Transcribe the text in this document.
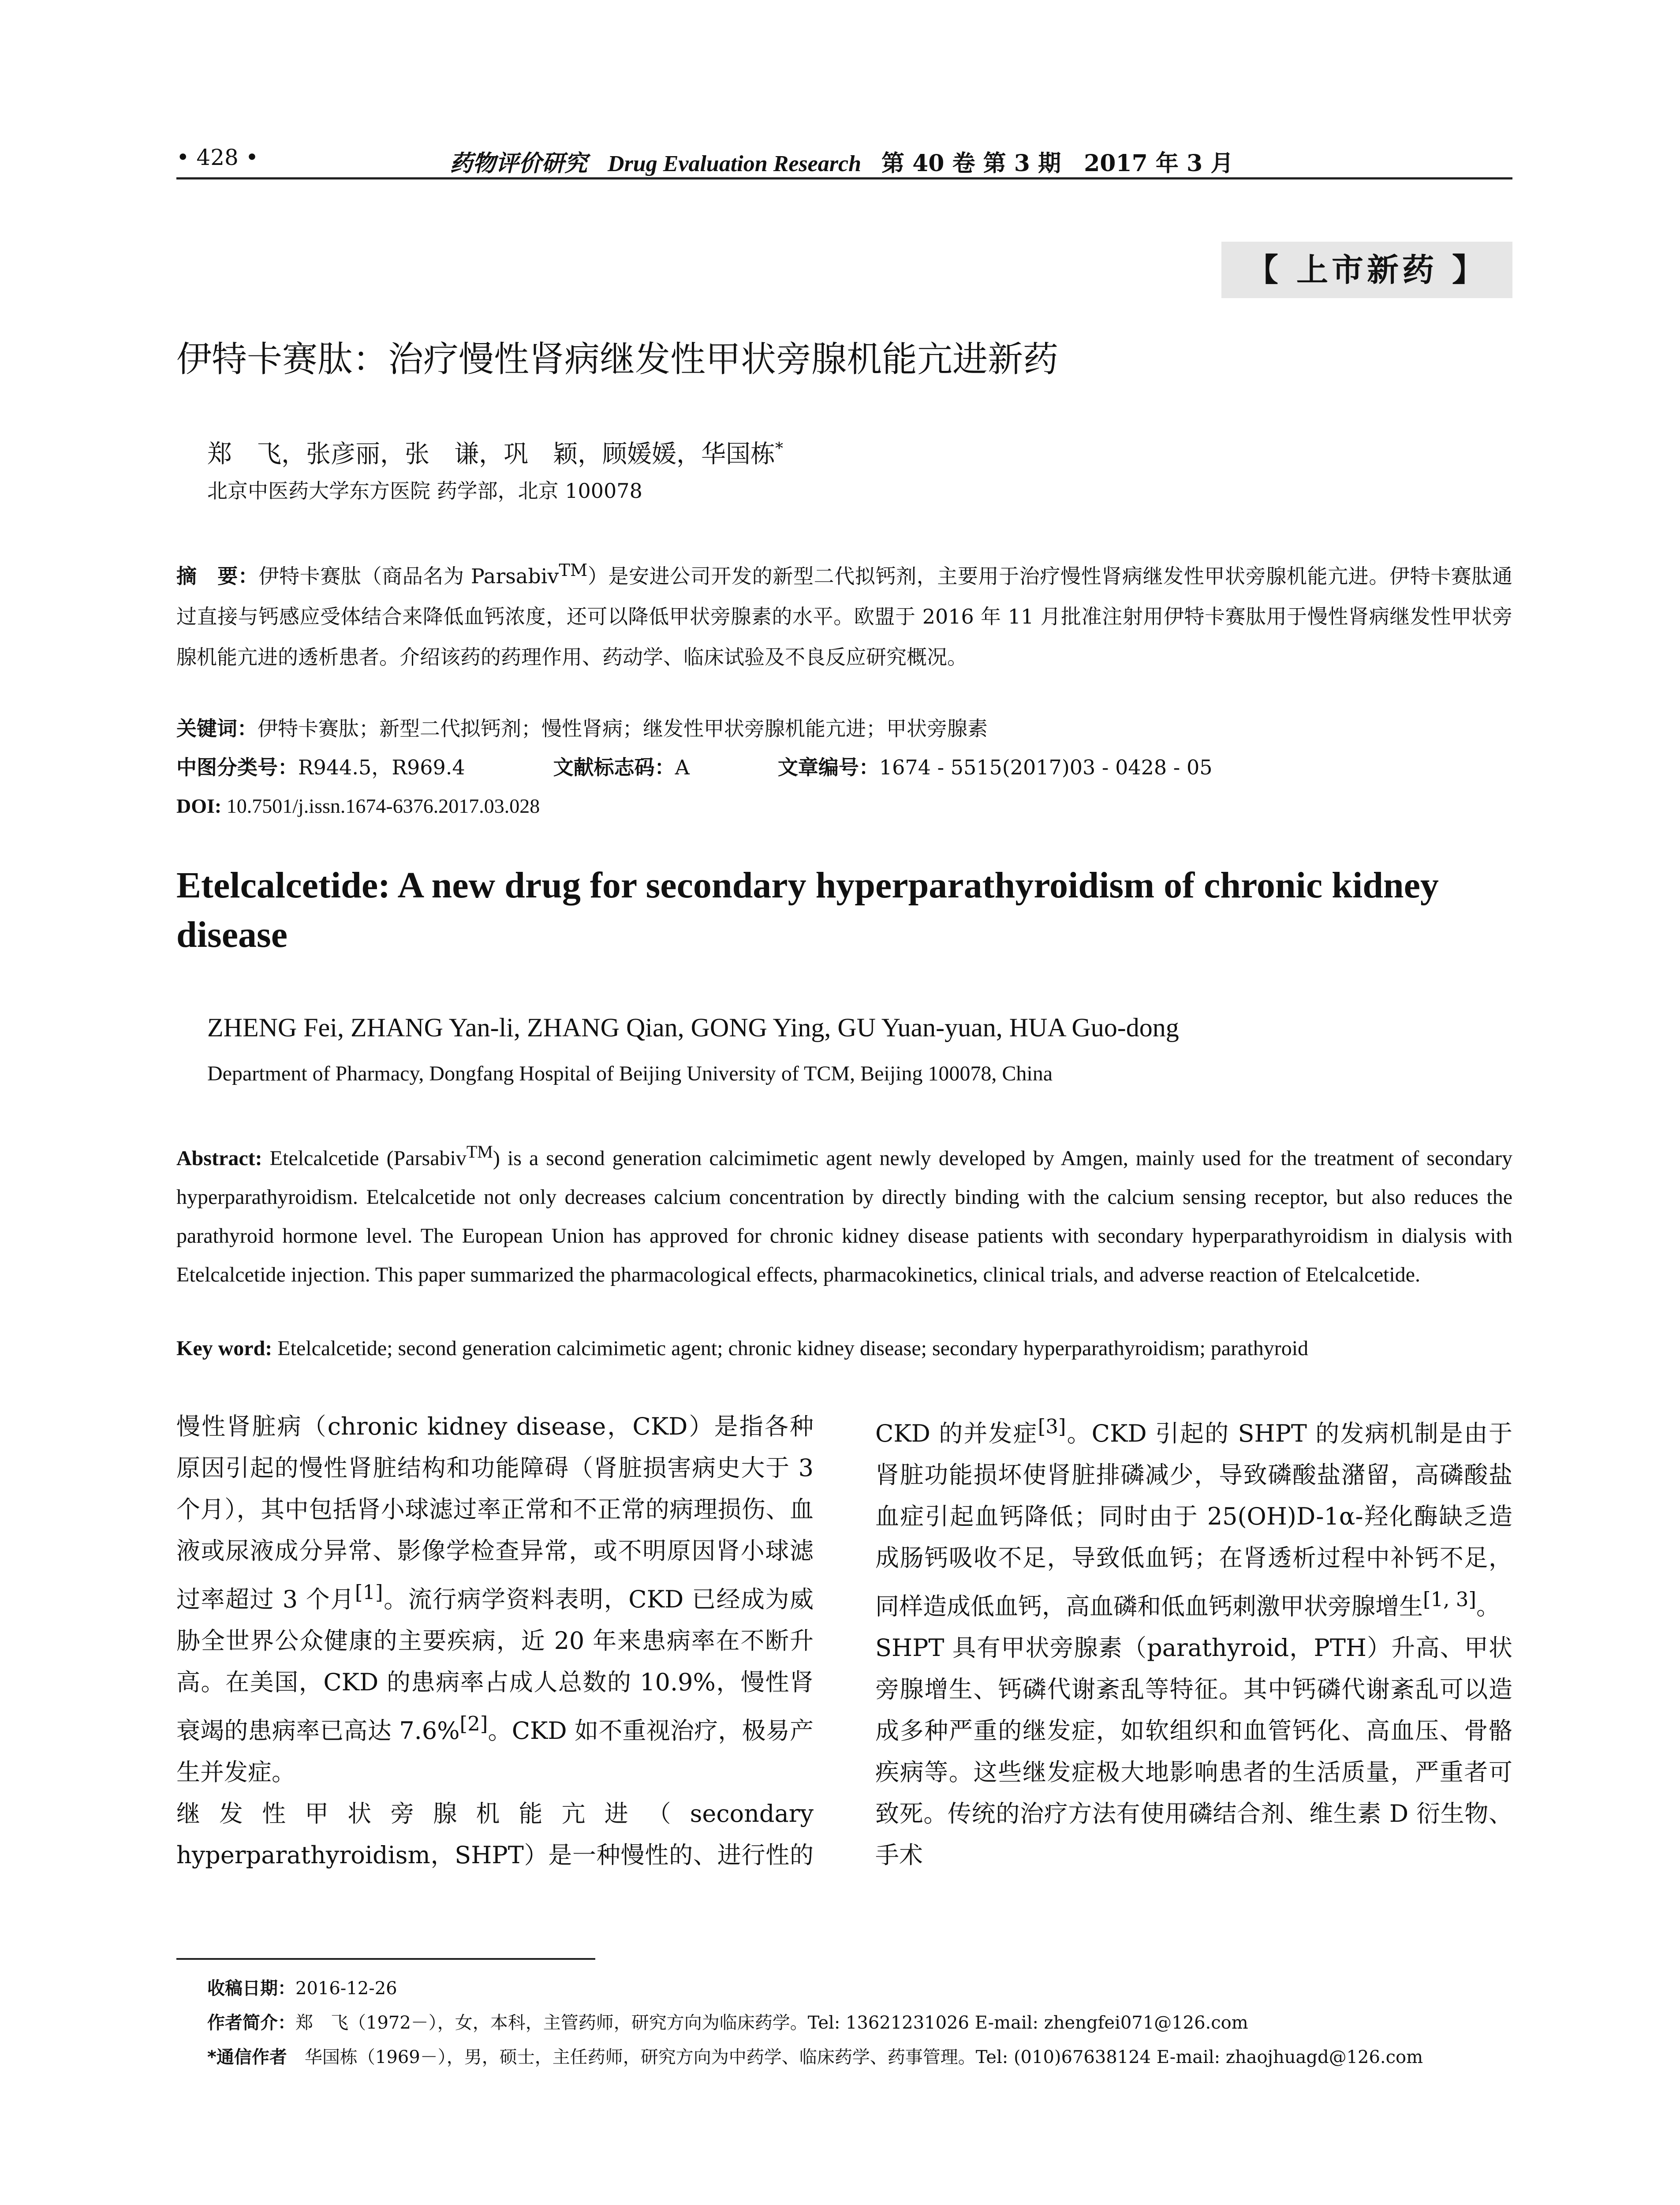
• 428 •	药物评价研究 Drug Evaluation Research 第 40 卷 第 3 期　 2017 年 3 月
【 上市新药 】
伊特卡赛肽：治疗慢性肾病继发性甲状旁腺机能亢进新药
郑　飞，张彦丽，张　谦，巩　颖，顾媛媛，华国栋*
北京中医药大学东方医院 药学部，北京 100078
摘　要：伊特卡赛肽（商品名为 Parsabiv™）是安进公司开发的新型二代拟钙剂，主要用于治疗慢性肾病继发性甲状旁腺机能亢进。伊特卡赛肽通过直接与钙感应受体结合来降低血钙浓度，还可以降低甲状旁腺素的水平。欧盟于 2016 年 11 月批准注射用伊特卡赛肽用于慢性肾病继发性甲状旁腺机能亢进的透析患者。介绍该药的药理作用、药动学、临床试验及不良反应研究概况。
关键词：伊特卡赛肽；新型二代拟钙剂；慢性肾病；继发性甲状旁腺机能亢进；甲状旁腺素
中图分类号：R944.5，R969.4	文献标志码：A	文章编号：1674 - 5515(2017)03 - 0428 - 05
DOI: 10.7501/j.issn.1674-6376.2017.03.028
Etelcalcetide: A new drug for secondary hyperparathyroidism of chronic kidney disease
ZHENG Fei, ZHANG Yan-li, ZHANG Qian, GONG Ying, GU Yuan-yuan, HUA Guo-dong
Department of Pharmacy, Dongfang Hospital of Beijing University of TCM, Beijing 100078, China
Abstract: Etelcalcetide (Parsabiv™) is a second generation calcimimetic agent newly developed by Amgen, mainly used for the treatment of secondary hyperparathyroidism. Etelcalcetide not only decreases calcium concentration by directly binding with the calcium sensing receptor, but also reduces the parathyroid hormone level. The European Union has approved for chronic kidney disease patients with secondary hyperparathyroidism in dialysis with Etelcalcetide injection. This paper summarized the pharmacological effects, pharmacokinetics, clinical trials, and adverse reaction of Etelcalcetide.
Key word: Etelcalcetide; second generation calcimimetic agent; chronic kidney disease; secondary hyperparathyroidism; parathyroid
收稿日期：2016-12-26
作者简介：郑　飞（1972－），女，本科，主管药师，研究方向为临床药学。Tel: 13621231026 E-mail: zhengfei071@126.com
*通信作者　华国栋（1969－），男，硕士，主任药师，研究方向为中药学、临床药学、药事管理。Tel: (010)67638124 E-mail: zhaojhuagd@126.com

慢性肾脏病（chronic kidney disease，CKD）是指各种原因引起的慢性肾脏结构和功能障碍（肾脏损害病史大于 3 个月），其中包括肾小球滤过率正常和不正常的病理损伤、血液或尿液成分异常、影像学检查异常，或不明原因肾小球滤过率超过 3 个月[1]。流行病学资料表明，CKD 已经成为威胁全世界公众健康的主要疾病，近 20 年来患病率在不断升高。在美国，CKD 的患病率占成人总数的 10.9%，慢性肾衰竭的患病率已高达 7.6%[2]。CKD 如不重视治疗，极易产生并发症。

继发性甲状旁腺机能亢进（secondary hyperparathyroidism，SHPT）是一种慢性的、进行性的 CKD 的并发症[3]。CKD 引起的 SHPT 的发病机制是由于肾脏功能损坏使肾脏排磷减少，导致磷酸盐潴留，高磷酸盐血症引起血钙降低；同时由于 25(OH)D-1α-羟化酶缺乏造成肠钙吸收不足，导致低血钙；在肾透析过程中补钙不足，同样造成低血钙，高血磷和低血钙刺激甲状旁腺增生[1, 3]。

SHPT 具有甲状旁腺素（parathyroid，PTH）升高、甲状旁腺增生、钙磷代谢紊乱等特征。其中钙磷代谢紊乱可以造成多种严重的继发症，如软组织和血管钙化、高血压、骨骼疾病等。这些继发症极大地影响患者的生活质量，严重者可致死。传统的治疗方法有使用磷结合剂、维生素 D 衍生物、手术
